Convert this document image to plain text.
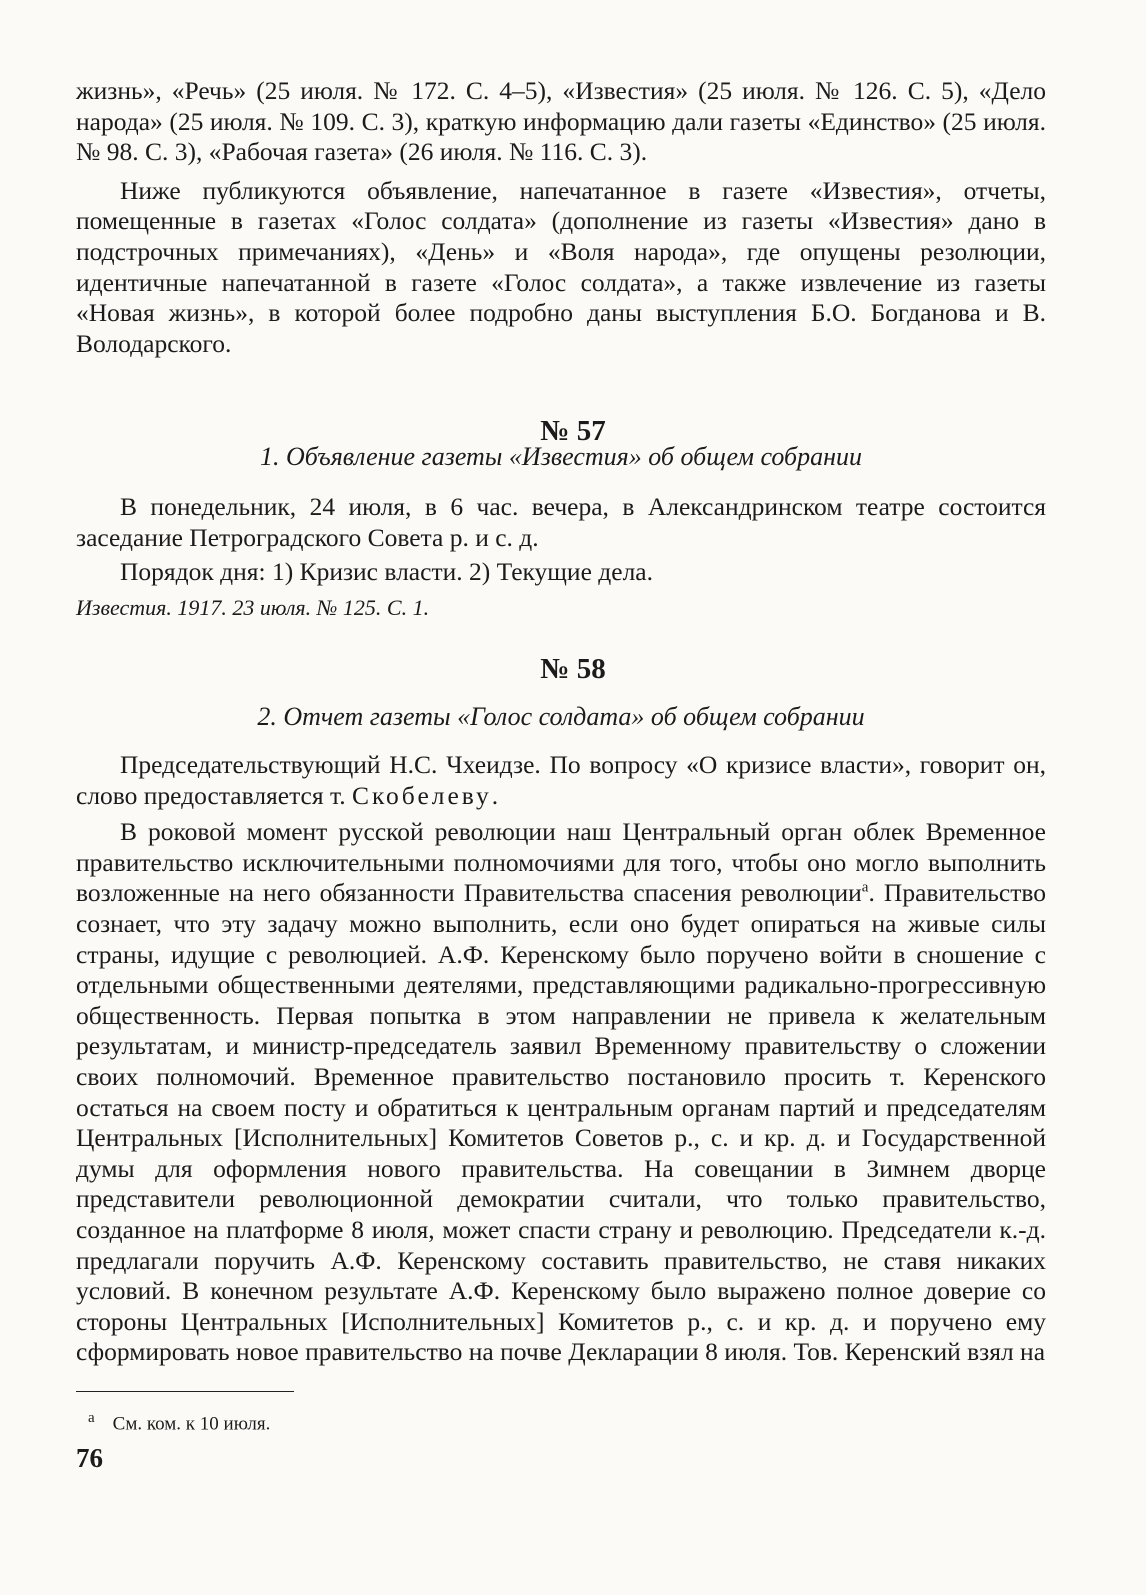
жизнь», «Речь» (25 июля. № 172. С. 4–5), «Известия» (25 июля. № 126. С. 5), «Дело народа» (25 июля. № 109. С. 3), краткую информацию дали газеты «Единство» (25 июля. № 98. С. 3), «Рабочая газета» (26 июля. № 116. С. 3).

Ниже публикуются объявление, напечатанное в газете «Известия», отчеты, помещенные в газетах «Голос солдата» (дополнение из газеты «Известия» дано в подстрочных примечаниях), «День» и «Воля народа», где опущены резолюции, идентичные напечатанной в газете «Голос солдата», а также извлечение из газеты «Новая жизнь», в которой более подробно даны выступления Б.О. Богданова и В. Володарского.

№ 57
1. Объявление газеты «Известия» об общем собрании

В понедельник, 24 июля, в 6 час. вечера, в Александринском театре состоится заседание Петроградского Совета р. и с. д.

Порядок дня: 1) Кризис власти. 2) Текущие дела.

Известия. 1917. 23 июля. № 125. С. 1.
№ 58
2. Отчет газеты «Голос солдата» об общем собрании

Председательствующий Н.С. Чхеидзе. По вопросу «О кризисе власти», говорит он, слово предоставляется т. Скобелеву.

В роковой момент русской революции наш Центральный орган облек Временное правительство исключительными полномочиями для того, чтобы оно могло выполнить возложенные на него обязанности Правительства спасения революции$^а$. Правительство сознает, что эту задачу можно выполнить, если оно будет опираться на живые силы страны, идущие с революцией. А.Ф. Керенскому было поручено войти в сношение с отдельными общественными деятелями, представляющими радикально-прогрессивную общественность. Первая попытка в этом направлении не привела к желательным результатам, и министр-председатель заявил Временному правительству о сложении своих полномочий. Временное правительство постановило просить т. Керенского остаться на своем посту и обратиться к центральным органам партий и председателям Центральных [Исполнительных] Комитетов Советов р., с. и кр. д. и Государственной думы для оформления нового правительства. На совещании в Зимнем дворце представители революционной демократии считали, что только правительство, созданное на платформе 8 июля, может спасти страну и революцию. Председатели к.-д. предлагали поручить А.Ф. Керенскому составить правительство, не ставя никаких условий. В конечном результате А.Ф. Керенскому было выражено полное доверие со стороны Центральных [Исполнительных] Комитетов р., с. и кр. д. и поручено ему сформировать новое правительство на почве Декларации 8 июля. Тов. Керенский взял на

$^а$ См. ком. к 10 июля.
76
